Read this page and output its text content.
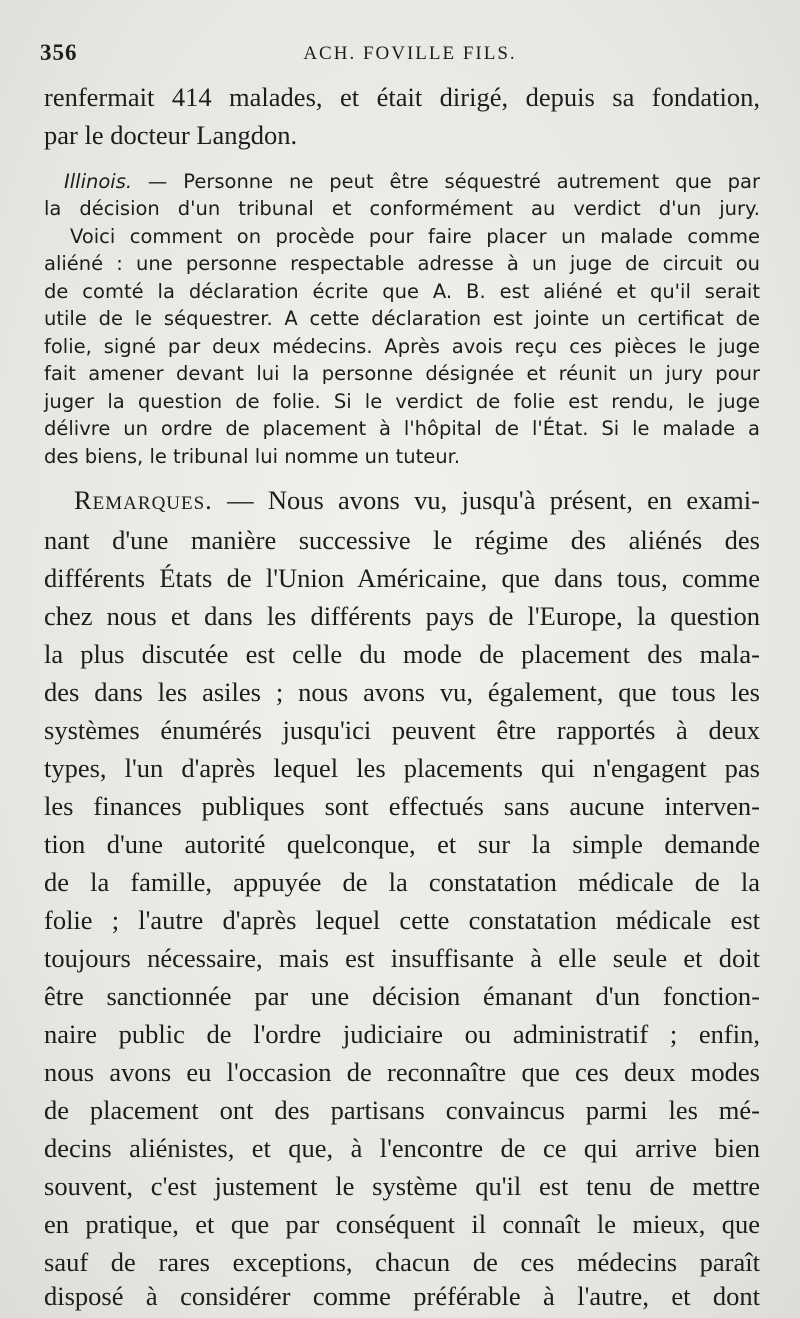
356	ACH. FOVILLE FILS.
renfermait 414 malades, et était dirigé, depuis sa fondation,
par le docteur Langdon.
Illinois. — Personne ne peut être séquestré autrement que par
la décision d'un tribunal et conformément au verdict d'un jury.
Voici comment on procède pour faire placer un malade comme
aliéné : une personne respectable adresse à un juge de circuit ou
de comté la déclaration écrite que A. B. est aliéné et qu'il serait
utile de le séquestrer. A cette déclaration est jointe un certificat de
folie, signé par deux médecins. Après avois reçu ces pièces le juge
fait amener devant lui la personne désignée et réunit un jury pour
juger la question de folie. Si le verdict de folie est rendu, le juge
délivre un ordre de placement à l'hôpital de l'État. Si le malade a
des biens, le tribunal lui nomme un tuteur.
Remarques. — Nous avons vu, jusqu'à présent, en exami-
nant d'une manière successive le régime des aliénés des
différents États de l'Union Américaine, que dans tous, comme
chez nous et dans les différents pays de l'Europe, la question
la plus discutée est celle du mode de placement des mala-
des dans les asiles ; nous avons vu, également, que tous les
systèmes énumérés jusqu'ici peuvent être rapportés à deux
types, l'un d'après lequel les placements qui n'engagent pas
les finances publiques sont effectués sans aucune interven-
tion d'une autorité quelconque, et sur la simple demande
de la famille, appuyée de la constatation médicale de la
folie ; l'autre d'après lequel cette constatation médicale est
toujours nécessaire, mais est insuffisante à elle seule et doit
être sanctionnée par une décision émanant d'un fonction-
naire public de l'ordre judiciaire ou administratif ; enfin,
nous avons eu l'occasion de reconnaître que ces deux modes
de placement ont des partisans convaincus parmi les mé-
decins aliénistes, et que, à l'encontre de ce qui arrive bien
souvent, c'est justement le système qu'il est tenu de mettre
en pratique, et que par conséquent il connaît le mieux, que
sauf de rares exceptions, chacun de ces médecins paraît
disposé à considérer comme préférable à l'autre, et dont
